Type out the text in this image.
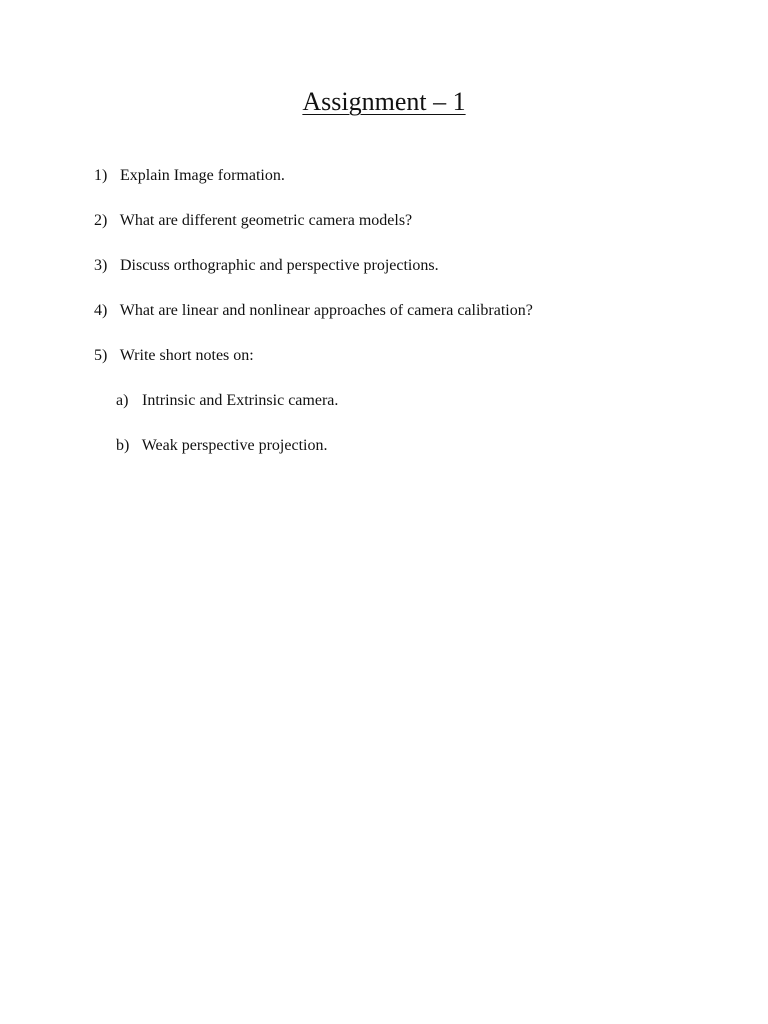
Assignment – 1
1) Explain Image formation.
2) What are different geometric camera models?
3) Discuss orthographic and perspective projections.
4) What are linear and nonlinear approaches of camera calibration?
5) Write short notes on:
a) Intrinsic and Extrinsic camera.
b) Weak perspective projection.
